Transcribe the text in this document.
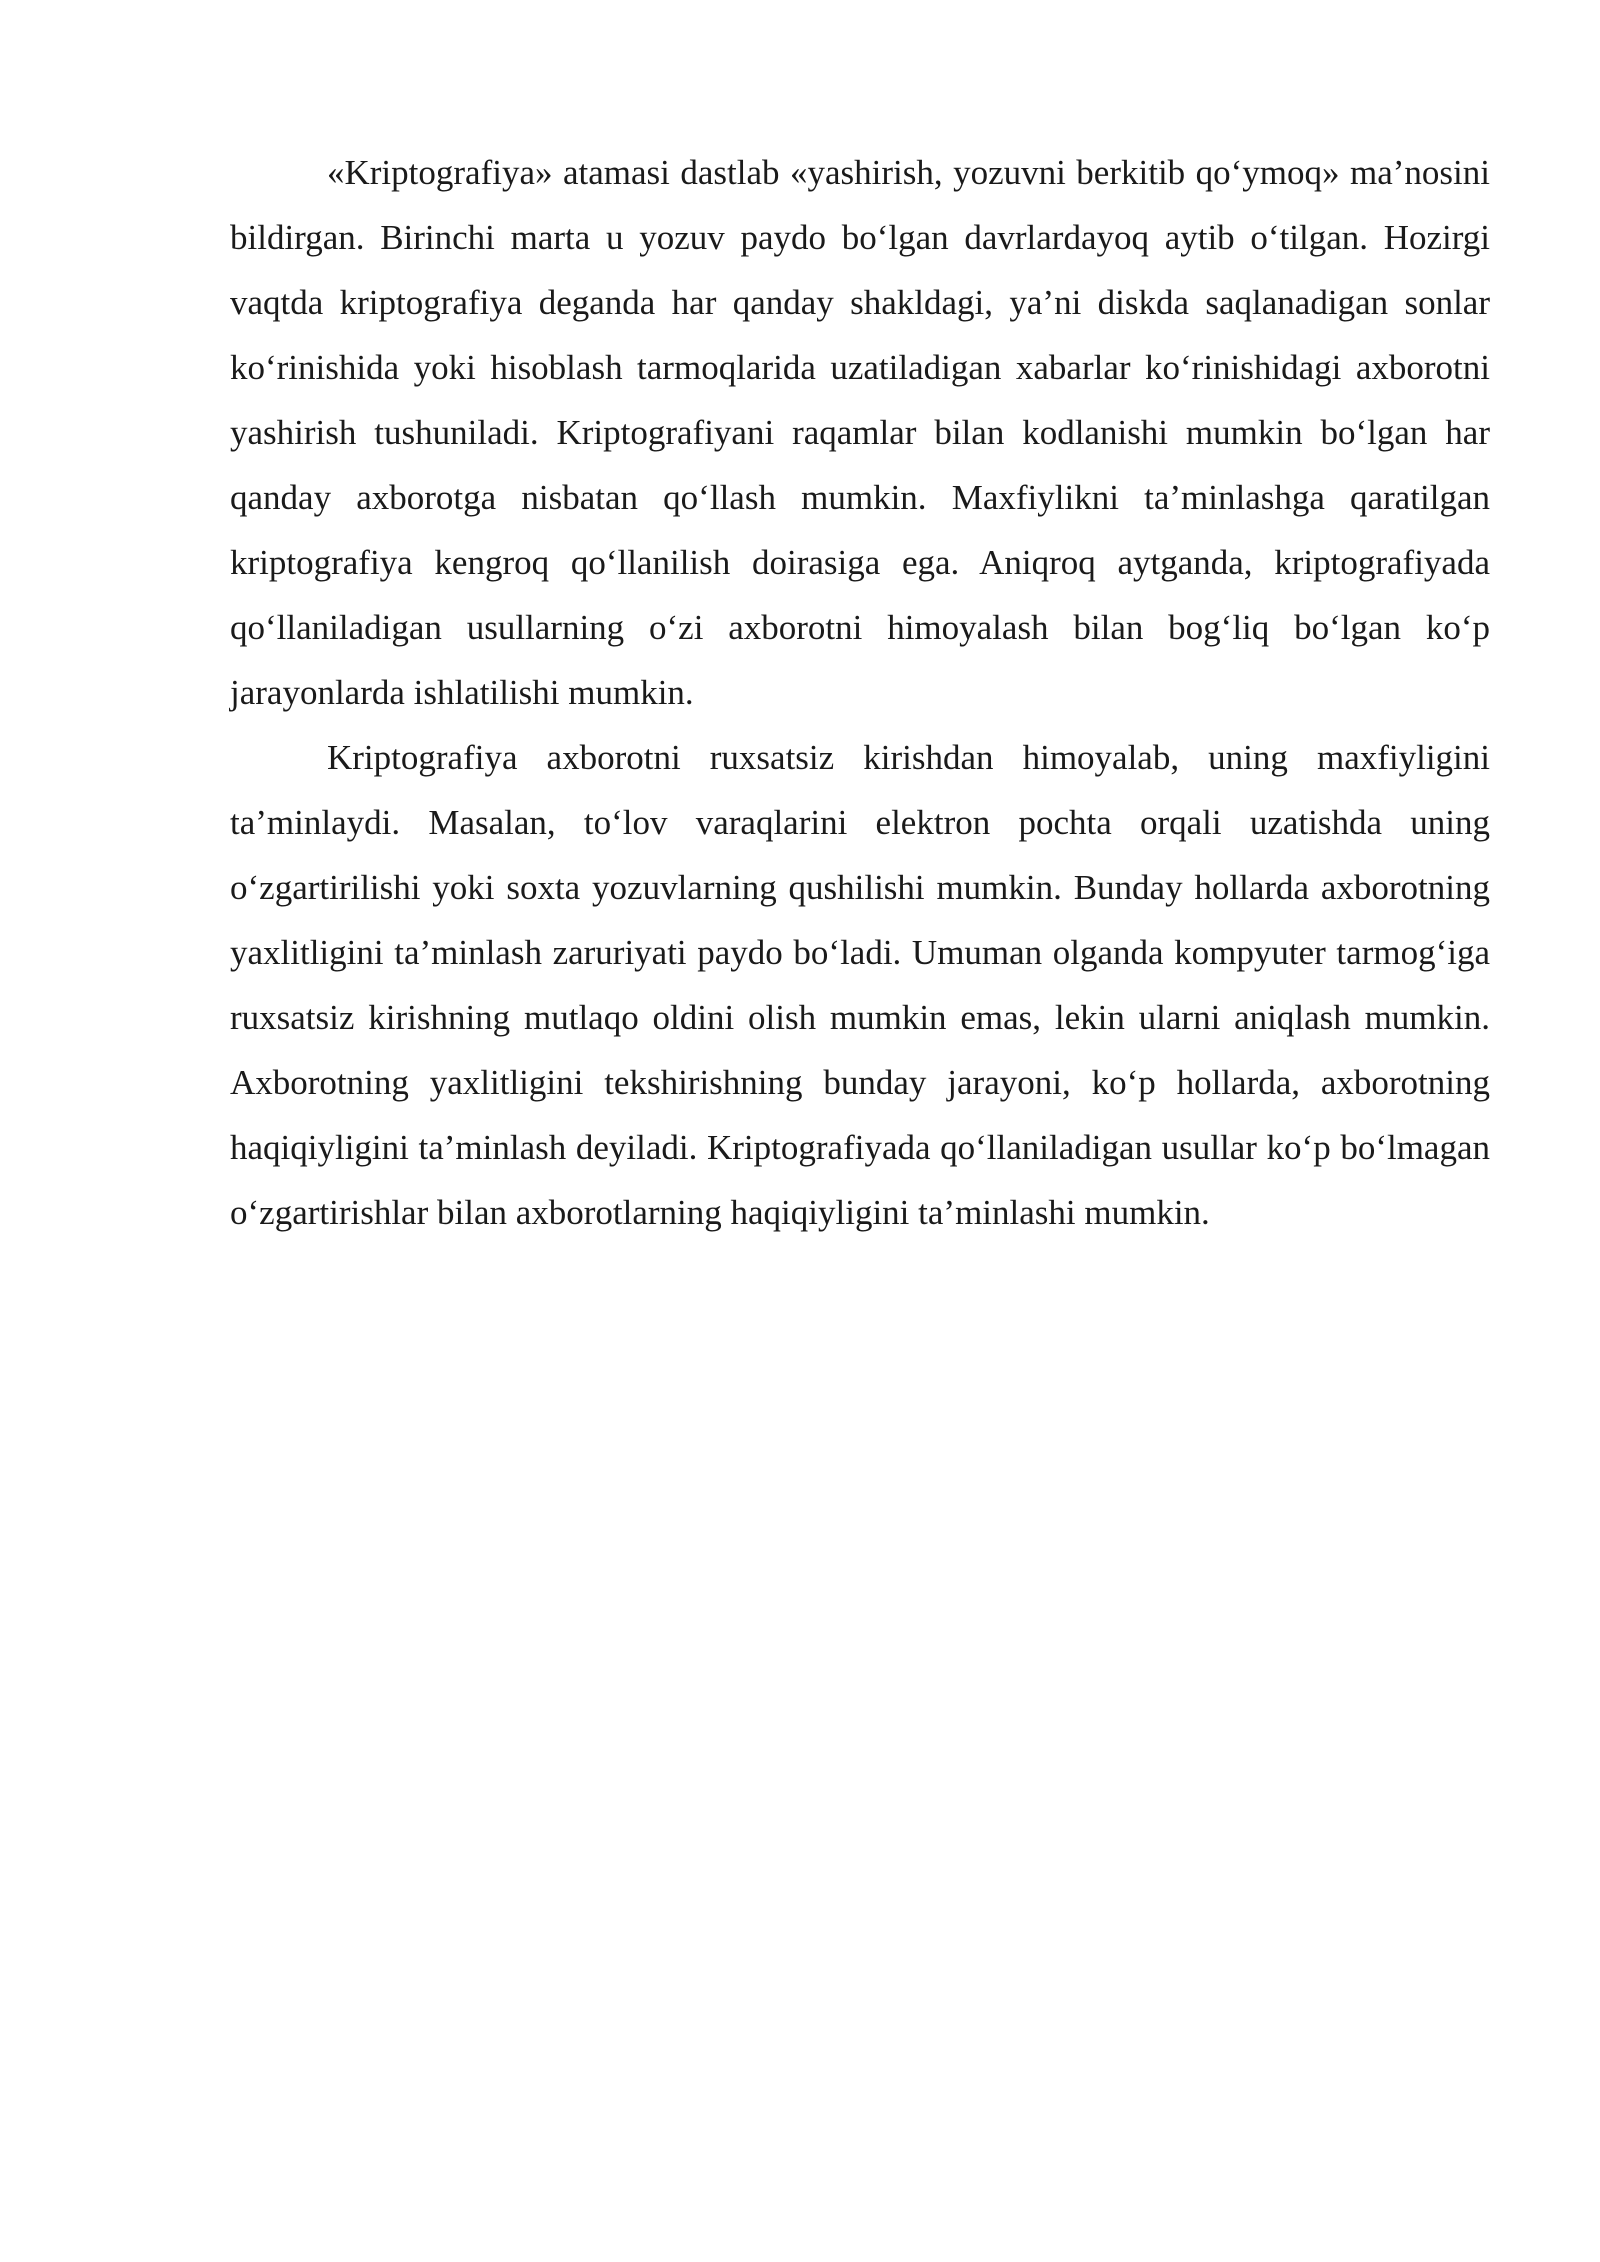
«Kriptografiya» atamasi dastlab «yashirish, yozuvni berkitib qo‘ymoq» ma’nosini bildirgan. Birinchi marta u yozuv paydo bo‘lgan davrlardayoq aytib o‘tilgan. Hozirgi vaqtda kriptografiya deganda har qanday shakldagi, ya’ni diskda saqlanadigan sonlar ko‘rinishida yoki hisoblash tarmoqlarida uzatiladigan xabarlar ko‘rinishidagi axborotni yashirish tushuniladi. Kriptografiyani raqamlar bilan kodlanishi mumkin bo‘lgan har qanday axborotga nisbatan qo‘llash mumkin. Maxfiylikni ta’minlashga qaratilgan kriptografiya kengroq qo‘llanilish doirasiga ega. Aniqroq aytganda, kriptografiyada qo‘llaniladigan usullarning o‘zi axborotni himoyalash bilan bog‘liq bo‘lgan ko‘p jarayonlarda ishlatilishi mumkin.

Kriptografiya axborotni ruxsatsiz kirishdan himoyalab, uning maxfiyligini ta’minlaydi. Masalan, to‘lov varaqlarini elektron pochta orqali uzatishda uning o‘zgartirilishi yoki soxta yozuvlarning qushilishi mumkin. Bunday hollarda axborotning yaxlitligini ta’minlash zaruriyati paydo bo‘ladi. Umuman olganda kompyuter tarmog‘iga ruxsatsiz kirishning mutlaqo oldini olish mumkin emas, lekin ularni aniqlash mumkin. Axborotning yaxlitligini tekshirishning bunday jarayoni, ko‘p hollarda, axborotning haqiqiyligini ta’minlash deyiladi. Kriptografiyada qo‘llaniladigan usullar ko‘p bo‘lmagan o‘zgartirishlar bilan axborotlarning haqiqiyligini ta’minlashi mumkin.
